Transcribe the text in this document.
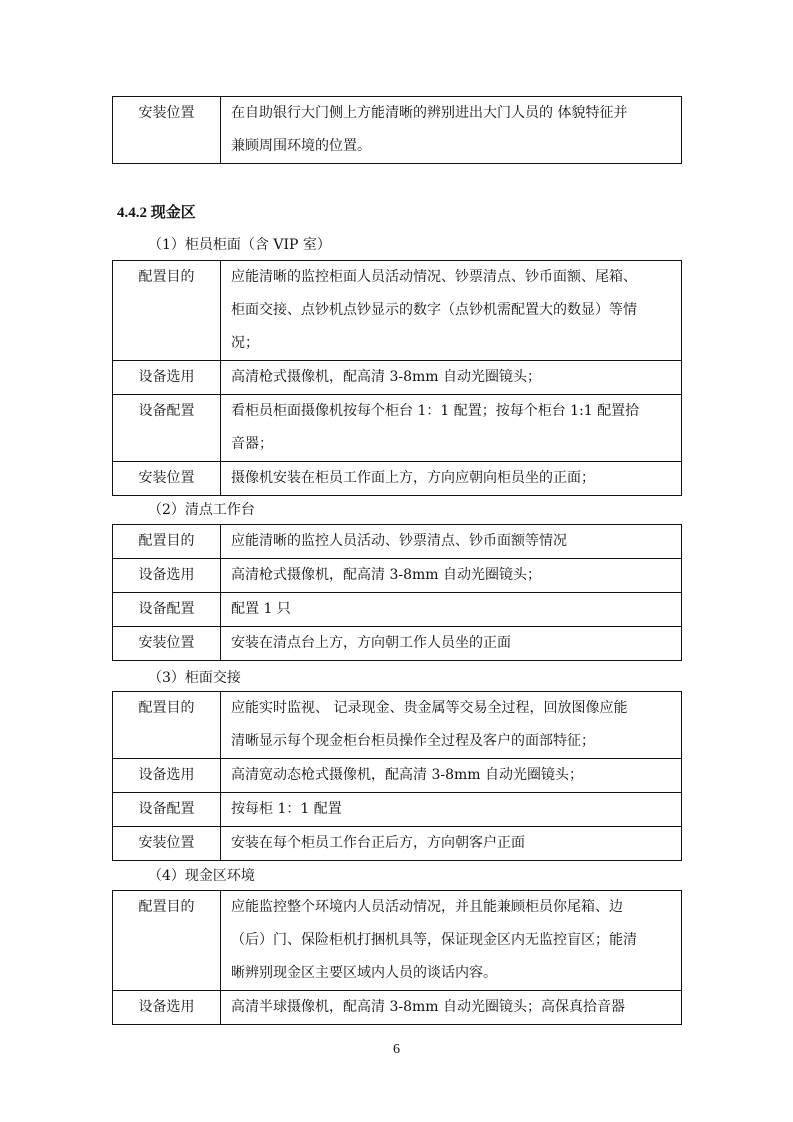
安装位置	在自助银行大门侧上方能清晰的辨别进出大门人员的 体貌特征并
兼顾周围环境的位置。
4.4.2 现金区
（1）柜员柜面（含 VIP 室）
配置目的	应能清晰的监控柜面人员活动情况、钞票清点、钞币面额、尾箱、
柜面交接、点钞机点钞显示的数字（点钞机需配置大的数显）等情
况；
设备选用	高清枪式摄像机，配高清 3-8mm 自动光圈镜头；
设备配置	看柜员柜面摄像机按每个柜台 1：1 配置；按每个柜台 1:1 配置拾
音器；
安装位置	摄像机安装在柜员工作面上方，方向应朝向柜员坐的正面；
（2）清点工作台
配置目的	应能清晰的监控人员活动、钞票清点、钞币面额等情况
设备选用	高清枪式摄像机，配高清 3-8mm 自动光圈镜头；
设备配置	配置 1 只
安装位置	安装在清点台上方，方向朝工作人员坐的正面
（3）柜面交接
配置目的	应能实时监视、 记录现金、贵金属等交易全过程，回放图像应能
清晰显示每个现金柜台柜员操作全过程及客户的面部特征；
设备选用	高清宽动态枪式摄像机，配高清 3-8mm 自动光圈镜头；
设备配置	按每柜 1：1 配置
安装位置	安装在每个柜员工作台正后方，方向朝客户正面
（4）现金区环境
配置目的	应能监控整个环境内人员活动情况，并且能兼顾柜员你尾箱、边
（后）门、保险柜机打捆机具等，保证现金区内无监控盲区；能清
晰辨别现金区主要区域内人员的谈话内容。
设备选用	高清半球摄像机，配高清 3-8mm 自动光圈镜头；高保真拾音器
6
